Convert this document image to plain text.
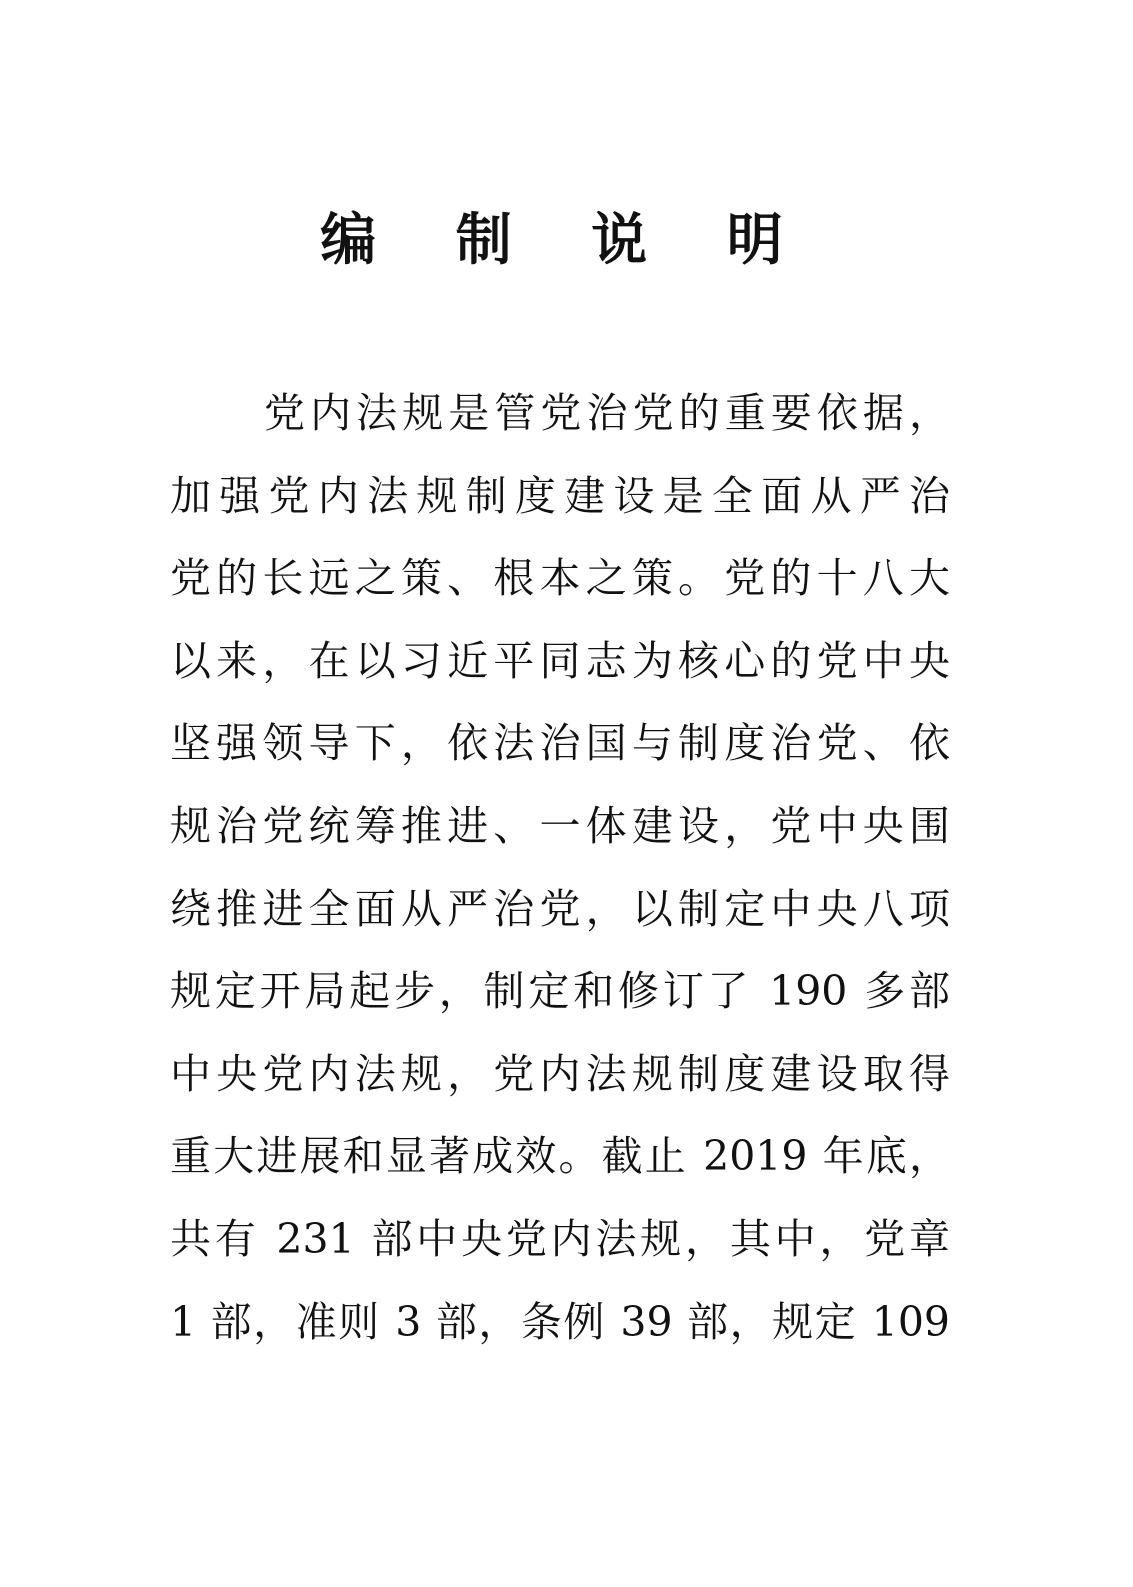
编 制 说 明
党内法规是管党治党的重要依据，
加强党内法规制度建设是全面从严治
党的长远之策、根本之策。党的十八大
以来，在以习近平同志为核心的党中央
坚强领导下，依法治国与制度治党、依
规治党统筹推进、一体建设，党中央围
绕推进全面从严治党，以制定中央八项
规定开局起步，制定和修订了 190 多部
中央党内法规，党内法规制度建设取得
重大进展和显著成效。截止 2019 年底，
共有 231 部中央党内法规，其中，党章
1 部，准则 3 部，条例 39 部，规定 109
